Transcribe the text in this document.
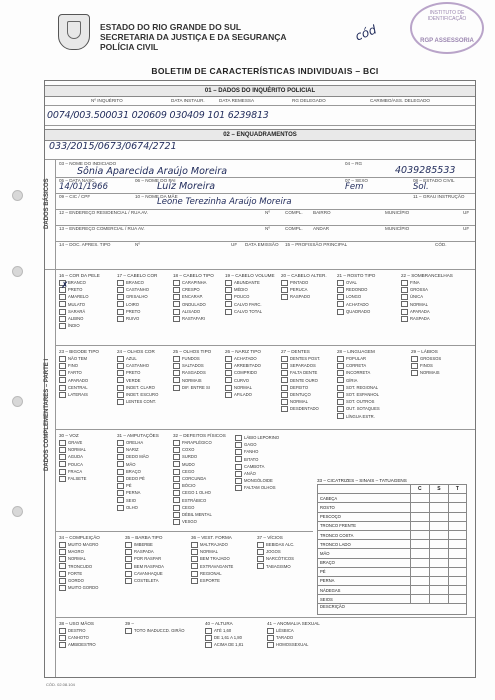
ESTADO DO RIO GRANDE DO SUL
SECRETARIA DA JUSTIÇA E DA SEGURANÇA
POLÍCIA CIVIL
INSTITUTO DE IDENTIFICAÇÃO
RGP ASSESSORIA
cód
BOLETIM DE CARACTERÍSTICAS INDIVIDUAIS – BCI
01 – DADOS DO INQUÉRITO POLICIAL
Nº INQUÉRITO	DATA INSTAUR.	DATA REMESSA	RG DELEGADO	CARIMBO/ASS. DELEGADO
0074/003.500031 020609 030409 101 6239813
02 – ENQUADRAMENTOS
033/2015/0673/0674/2721
DADOS BÁSICOS
03 – NOME DO INDICIADO	04 – RG
Sônia Aparecida Araújo Moreira	4039285533
05 – DATA NASC.	06 – NOME DO PAI	07 – SEXO	08 – ESTADO CIVIL
14/01/1966	Luiz Moreira	Fem	Sol.
09 – CIC / CPF	10 – NOME DA MÃE	11 – GRAU INSTRUÇÃO
Leone Terezinha Araújo Moreira
12 – ENDEREÇO RESIDENCIAL / RUA AV.	Nº	COMPL. BAIRRO	MUNICÍPIO	UF
13 – ENDEREÇO COMERCIAL / RUA AV.	Nº	COMPL. ANDAR	MUNICÍPIO	UF
14 – DOC. APRES. TIPO	Nº	UF DATA EMISSÃO 15 – PROFISSÃO PRINCIPAL	CÓD.
DADOS COMPLEMENTARES – PARTE I
16 – COR DA PELE
BRANCO
PRETO
AMARELO
MULATO
SARARÁ
ALBINO
ÍNDIO
✗
17 – CABELO COR
BRANCO
CASTANHO
GRISALHO
LOIRO
PRETO
RUIVO
18 – CABELO TIPO
CARAPINHA
CRESPO
ENCARAP.
ONDULADO
ALISADO
RASTAFARI
19 – CABELO VOLUME
ABUNDANTE
MÉDIO
POUCO
CALVO PARC.
CALVO TOTAL
20 – CABELO ALTER.
PINTADO
PERUCA
RASPADO
21 – ROSTO TIPO
OVAL
REDONDO
LONGO
ACHATADO
QUADRADO
22 – SOMBRANCELHAS
FINA
GROSSA
ÚNICA
NORMAL
APARADA
RASPADA
23 – BIGODE TIPO
NÃO TEM
FINO
FARTO
APARADO
CENTRAL
LATERAIS
24 – OLHOS COR
AZUL
CASTANHO
PRETO
VERDE
INDET. CLARO
INDET. ESCURO
LENTES CONT.
25 – OLHOS TIPO
FUNDOS
SALTADOS
RASGADOS
NORMAIS
DIF. ENTRE SI
26 – NARIZ TIPO
ACHATADO
ARREBITADO
COMPRIDO
CURVO
NORMAL
AFILADO
27 – DENTES
DENTES POST.
SEPARADOS
FALTA DENTE
DENTE OURO
DEFEITO
DENTUÇO
NORMAL
DESDENTADO
28 – LINGUAGEM
POPULAR
CORRETA
INCORRETA
GÍRIA
SOT. REGIONAL
SOT. ESPANHOL
SOT. OUTROS
OUT. SOTAQUES
LÍNGUA ESTR.
29 – LÁBIOS
GROSSOS
FINOS
NORMAIS
30 – VOZ
GRAVE
NORMAL
AGUDA
POUCA
FRACA
FALSETE
31 – AMPUTAÇÕES
ORELHA
NARIZ
DEDO MÃO
MÃO
BRAÇO
DEDO PÉ
PÉ
PERNA
SEIO
OLHO
32 – DEFEITOS FÍSICOS
PARAPLÉGICO
COXO
SURDO
MUDO
CEGO
CORCUNDA
BÓCIO
CEGO 1 OLHO
ESTRÁBICO
CEGO
DÉBIL MENTAL
VESGO
LÁBIO LEPORINO
GAGO
FANHO
BITATO
CAMBOTA
ANÃO
MONGÓLOIDE
FALTAM OLHOS
33 – CICATRIZES – SINAIS – TATUAGENS
	C	S	T
CABEÇA			
ROSTO			
PESCOÇO			
TRONCO FRENTE			
TRONCO COSTA			
TRONCO LADO			
MÃO			
BRAÇO			
PÉ			
PERNA			
NÁDEGAS			
SEIOS			
DESCRIÇÃO			
34 – COMPLEIÇÃO
MUITO MAGRO
MAGRO
NORMAL
TRONCUDO
FORTE
GORDO
MUITO GORDO
35 – BARBA TIPO
IMBERBE
RASPADA
POR RASPAR
BEM RASPADA
CAVANHAQUE
COSTELETA
36 – VEST. FORMA
MALTRAJADO
NORMAL
BEM TRAJADO
EXTRAVAGANTE
REGIONAL
ESPORTE
37 – VÍCIOS
BEBIDAS ALC.
JOGOS
NARCÓTICOS
TABAGISMO
38 – USO MÃOS
DESTRO
CANHOTO
AMBIDESTRO
39 –
TOTO INADUCCD. GIRÃO
40 – ALTURA
ATÉ 1,60
DE 1,61 A 1,80
ACIMA DE 1,81
41 – ANOMALIA SEXUAL
LÉSBICA
TARADO
HOMOSSEXUAL
CÓD. 02.08.104
